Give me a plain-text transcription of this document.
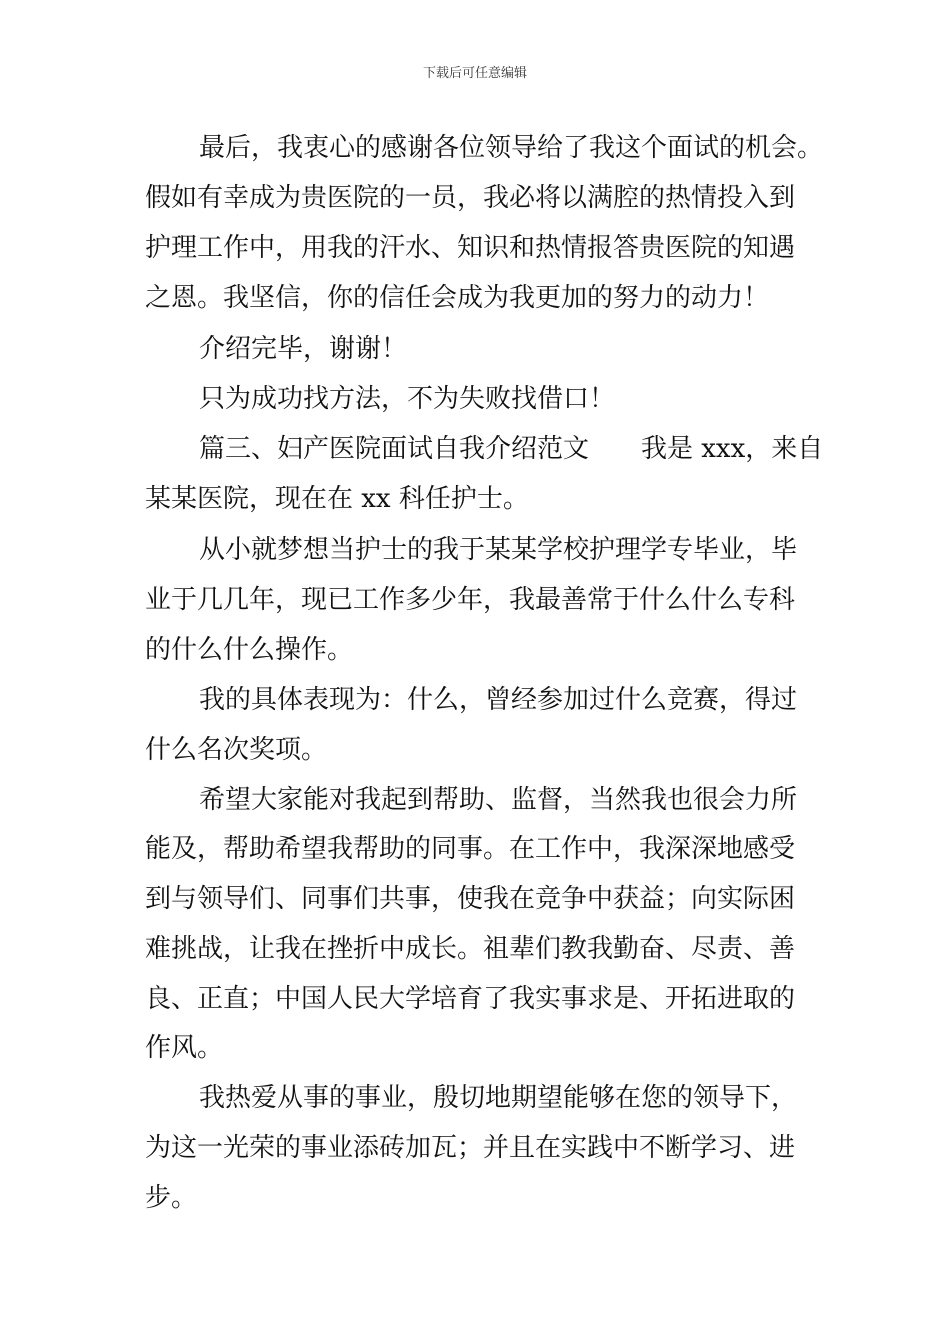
下载后可任意编辑
最后，我衷心的感谢各位领导给了我这个面试的机会。
假如有幸成为贵医院的一员，我必将以满腔的热情投入到
护理工作中，用我的汗水、知识和热情报答贵医院的知遇
之恩。我坚信，你的信任会成为我更加的努力的动力！
介绍完毕，谢谢！
只为成功找方法，不为失败找借口！
篇三、妇产医院面试自我介绍范文　　我是 xxx，来自
某某医院，现在在 xx 科任护士。
从小就梦想当护士的我于某某学校护理学专毕业，毕
业于几几年，现已工作多少年，我最善常于什么什么专科
的什么什么操作。
我的具体表现为：什么，曾经参加过什么竞赛，得过
什么名次奖项。
希望大家能对我起到帮助、监督，当然我也很会力所
能及，帮助希望我帮助的同事。在工作中，我深深地感受
到与领导们、同事们共事，使我在竞争中获益；向实际困
难挑战，让我在挫折中成长。祖辈们教我勤奋、尽责、善
良、正直；中国人民大学培育了我实事求是、开拓进取的
作风。
我热爱从事的事业，殷切地期望能够在您的领导下，
为这一光荣的事业添砖加瓦；并且在实践中不断学习、进
步。
